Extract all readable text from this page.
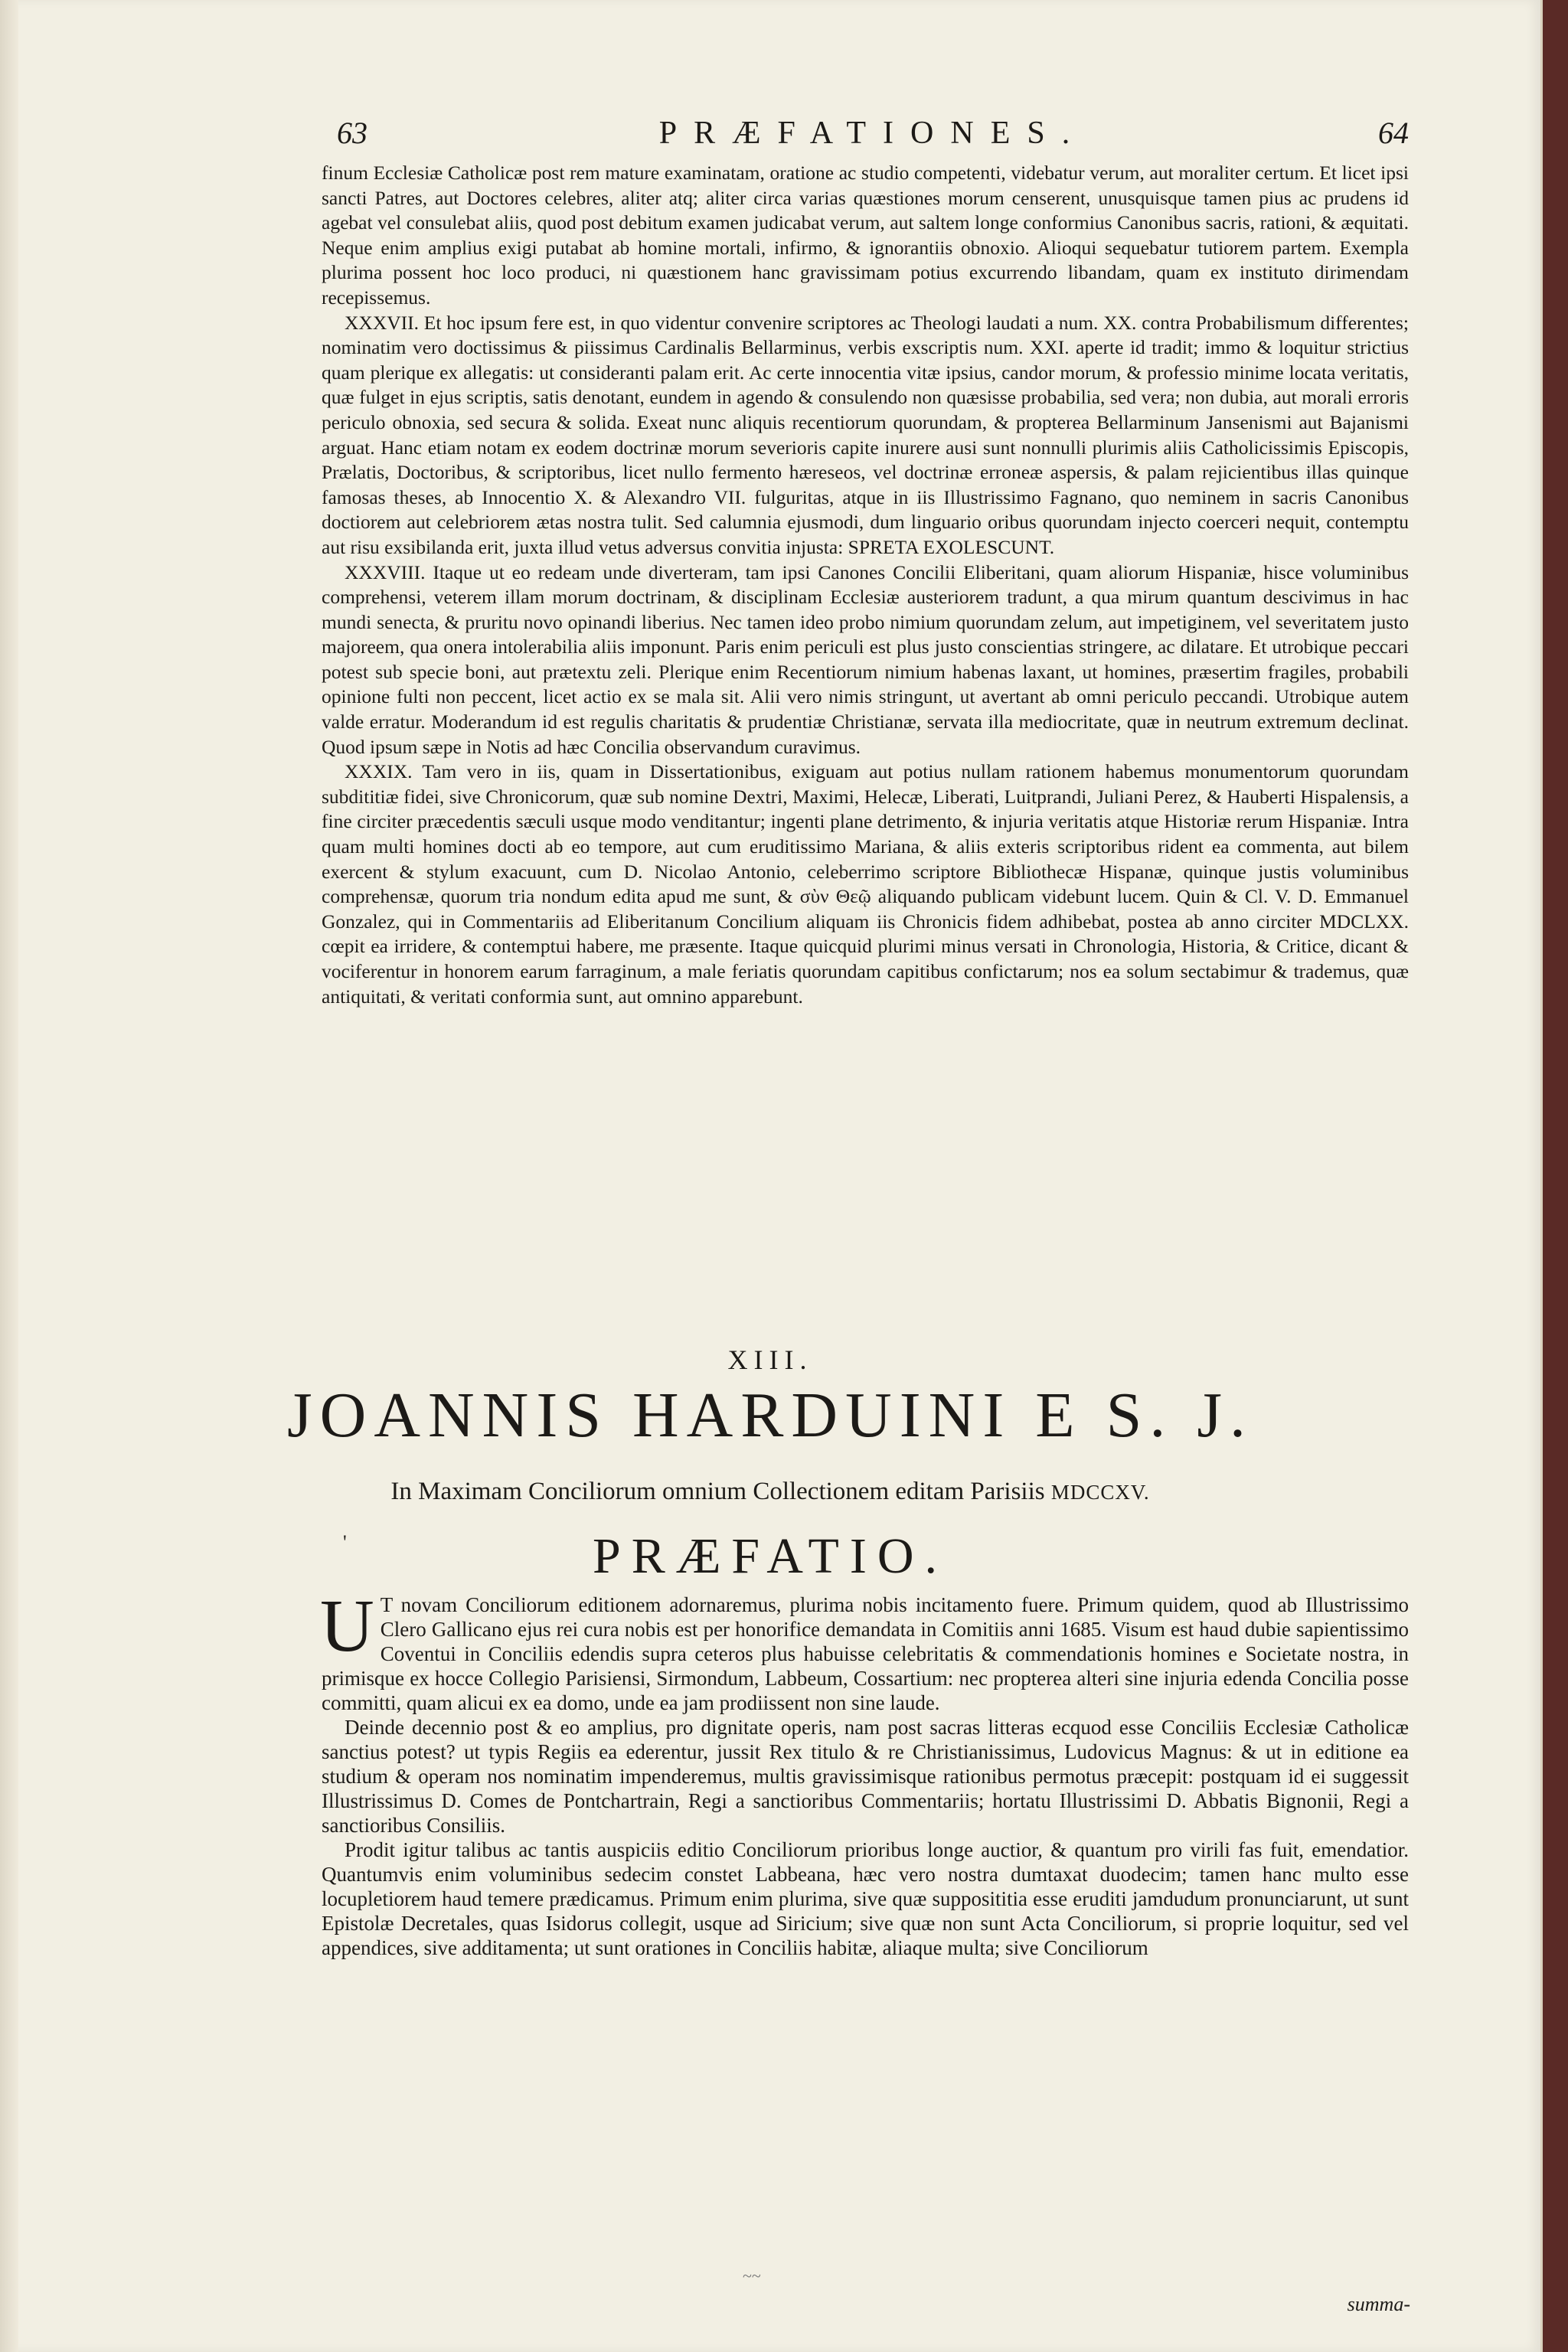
63	PRÆFATIONES.	64

finum Ecclesiæ Catholicæ post rem mature examinatam, oratione ac studio competenti, videbatur verum, aut moraliter certum. Et licet ipsi sancti Patres, aut Doctores celebres, aliter atq; aliter circa varias quæstiones morum censerent, unusquisque tamen pius ac prudens id agebat vel consulebat aliis, quod post debitum examen judicabat verum, aut saltem longe conformius Canonibus sacris, rationi, & æquitati. Neque enim amplius exigi putabat ab homine mortali, infirmo, & ignorantiis obnoxio. Alioqui sequebatur tutiorem partem. Exempla plurima possent hoc loco produci, ni quæstionem hanc gravissimam potius excurrendo libandam, quam ex instituto dirimendam recepissemus.

XXXVII. Et hoc ipsum fere est, in quo videntur convenire scriptores ac Theologi laudati a num. XX. contra Probabilismum differentes; nominatim vero doctissimus & piissimus Cardinalis Bellarminus, verbis exscriptis num. XXI. aperte id tradit; immo & loquitur strictius quam plerique ex allegatis: ut consideranti palam erit. Ac certe innocentia vitæ ipsius, candor morum, & professio minime locata veritatis, quæ fulget in ejus scriptis, satis denotant, eundem in agendo & consulendo non quæsisse probabilia, sed vera; non dubia, aut morali erroris periculo obnoxia, sed secura & solida. Exeat nunc aliquis recentiorum quorundam, & propterea Bellarminum Jansenismi aut Bajanismi arguat. Hanc etiam notam ex eodem doctrinæ morum severioris capite inurere ausi sunt nonnulli plurimis aliis Catholicissimis Episcopis, Prælatis, Doctoribus, & scriptoribus, licet nullo fermento hæreseos, vel doctrinæ erroneæ aspersis, & palam rejicientibus illas quinque famosas theses, ab Innocentio X. & Alexandro VII. fulguritas, atque in iis Illustrissimo Fagnano, quo neminem in sacris Canonibus doctiorem aut celebriorem ætas nostra tulit. Sed calumnia ejusmodi, dum linguario oribus quorundam injecto coerceri nequit, contemptu aut risu exsibilanda erit, juxta illud vetus adversus convitia injusta: SPRETA EXOLESCUNT.

XXXVIII. Itaque ut eo redeam unde diverteram, tam ipsi Canones Concilii Eliberitani, quam aliorum Hispaniæ, hisce voluminibus comprehensi, veterem illam morum doctrinam, & disciplinam Ecclesiæ austeriorem tradunt, a qua mirum quantum descivimus in hac mundi senecta, & pruritu novo opinandi liberius. Nec tamen ideo probo nimium quorundam zelum, aut impetiginem, vel severitatem justo majoreem, qua onera intolerabilia aliis imponunt. Paris enim periculi est plus justo conscientias stringere, ac dilatare. Et utrobique peccari potest sub specie boni, aut prætextu zeli. Plerique enim Recentiorum nimium habenas laxant, ut homines, præsertim fragiles, probabili opinione fulti non peccent, licet actio ex se mala sit. Alii vero nimis stringunt, ut avertant ab omni periculo peccandi. Utrobique autem valde erratur. Moderandum id est regulis charitatis & prudentiæ Christianæ, servata illa mediocritate, quæ in neutrum extremum declinat. Quod ipsum sæpe in Notis ad hæc Concilia observandum curavimus.

XXXIX. Tam vero in iis, quam in Dissertationibus, exiguam aut potius nullam rationem habemus monumentorum quorundam subdititiæ fidei, sive Chronicorum, quæ sub nomine Dextri, Maximi, Helecæ, Liberati, Luitprandi, Juliani Perez, & Hauberti Hispalensis, a fine circiter præcedentis sæculi usque modo venditantur; ingenti plane detrimento, & injuria veritatis atque Historiæ rerum Hispaniæ. Intra quam multi homines docti ab eo tempore, aut cum eruditissimo Mariana, & aliis exteris scriptoribus rident ea commenta, aut bilem exercent & stylum exacuunt, cum D. Nicolao Antonio, celeberrimo scriptore Bibliothecæ Hispanæ, quinque justis voluminibus comprehensæ, quorum tria nondum edita apud me sunt, & σὺν Θεῷ aliquando publicam videbunt lucem. Quin & Cl. V. D. Emmanuel Gonzalez, qui in Commentariis ad Eliberitanum Concilium aliquam iis Chronicis fidem adhibebat, postea ab anno circiter MDCLXX. cœpit ea irridere, & contemptui habere, me præsente. Itaque quicquid plurimi minus versati in Chronologia, Historia, & Critice, dicant & vociferentur in honorem earum farraginum, a male feriatis quorundam capitibus confictarum; nos ea solum sectabimur & trademus, quæ antiquitati, & veritati conformia sunt, aut omnino apparebunt.

XIII.
JOANNIS HARDUINI E S. J.
In Maximam Conciliorum omnium Collectionem editam Parisiis MDCCXV.
'	PRÆFATIO.

U T novam Conciliorum editionem adornaremus, plurima nobis incitamento fuere. Primum quidem, quod ab Illustrissimo Clero Gallicano ejus rei cura nobis est per honorifice demandata in Comitiis anni 1685. Visum est haud dubie sapientissimo Coventui in Conciliis edendis supra ceteros plus habuisse celebritatis & commendationis homines e Societate nostra, in primisque ex hocce Collegio Parisiensi, Sirmondum, Labbeum, Cossartium: nec propterea alteri sine injuria edenda Concilia posse committi, quam alicui ex ea domo, unde ea jam prodiissent non sine laude.

Deinde decennio post & eo amplius, pro dignitate operis, nam post sacras litteras ecquod esse Conciliis Ecclesiæ Catholicæ sanctius potest? ut typis Regiis ea ederentur, jussit Rex titulo & re Christianissimus, Ludovicus Magnus: & ut in editione ea studium & operam nos nominatim impenderemus, multis gravissimisque rationibus permotus præcepit: postquam id ei suggessit Illustrissimus D. Comes de Pontchartrain, Regi a sanctioribus Commentariis; hortatu Illustrissimi D. Abbatis Bignonii, Regi a sanctioribus Consiliis.

Prodit igitur talibus ac tantis auspiciis editio Conciliorum prioribus longe auctior, & quantum pro virili fas fuit, emendatior. Quantumvis enim voluminibus sedecim constet Labbeana, hæc vero nostra dumtaxat duodecim; tamen hanc multo esse locupletiorem haud temere prædicamus. Primum enim plurima, sive quæ supposititia esse eruditi jamdudum pronunciarunt, ut sunt Epistolæ Decretales, quas Isidorus collegit, usque ad Siricium; sive quæ non sunt Acta Conciliorum, si proprie loquitur, sed vel appendices, sive additamenta; ut sunt orationes in Conciliis habitæ, aliaque multa; sive Conciliorum

~~
summa-
